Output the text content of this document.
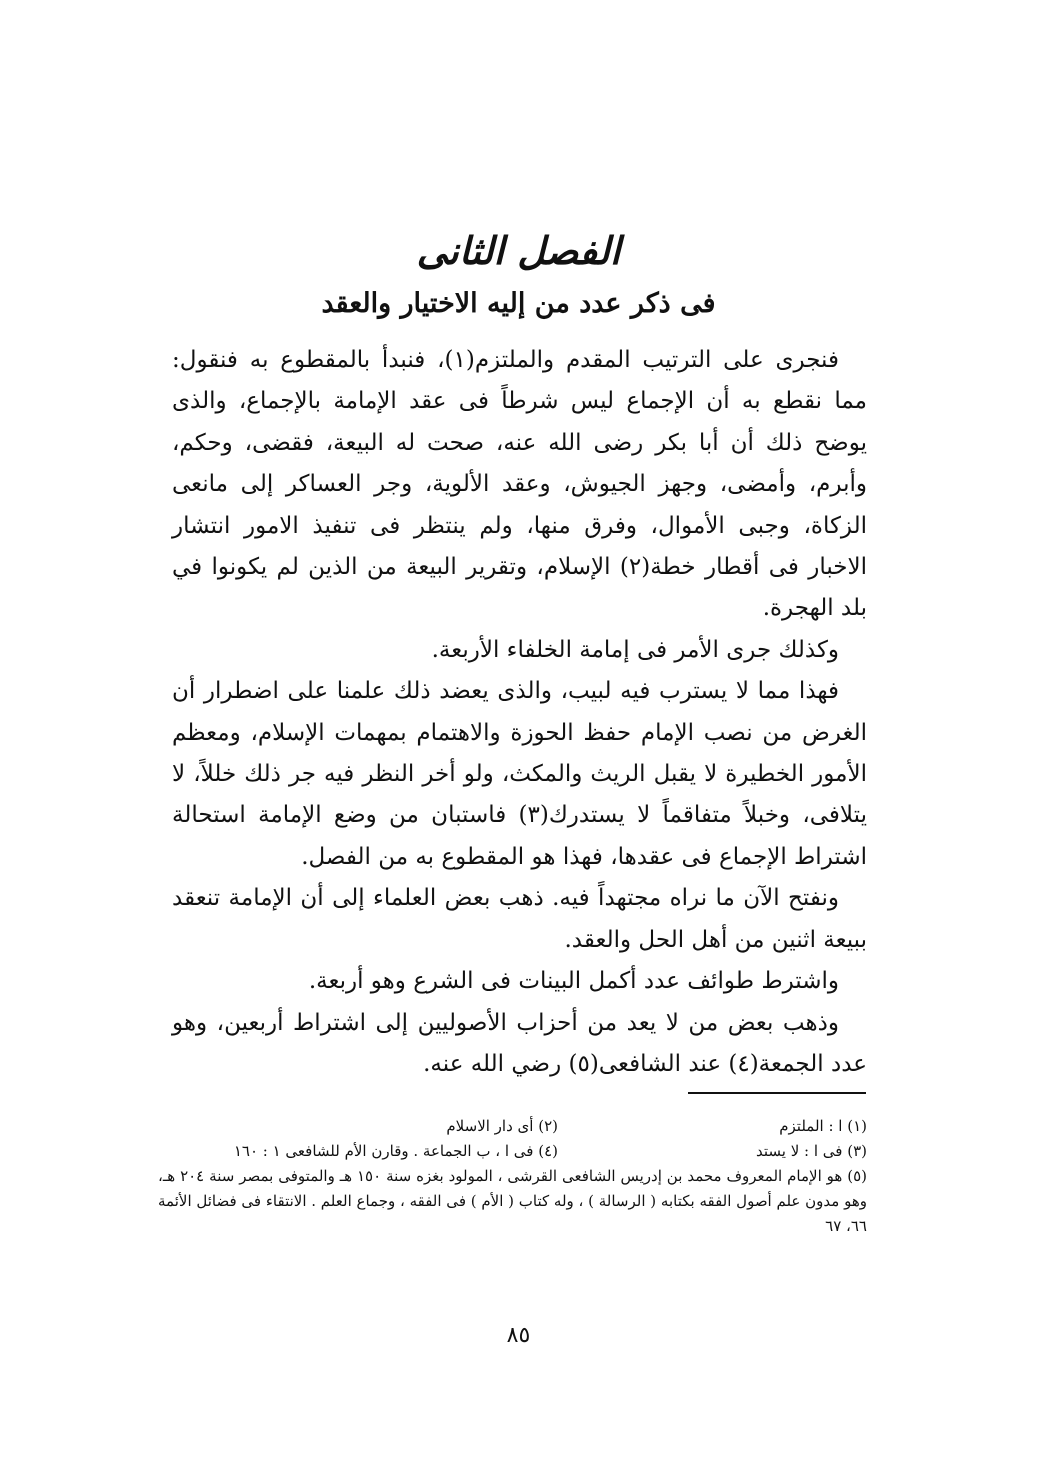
الفصل الثانى
فى ذكر عدد من إليه الاختيار والعقد

فنجرى على الترتيب المقدم والملتزم(١)، فنبدأ بالمقطوع به فنقول: مما نقطع به أن الإجماع ليس شرطاً فى عقد الإمامة بالإجماع، والذى يوضح ذلك أن أبا بكر رضى الله عنه، صحت له البيعة، فقضى، وحكم، وأبرم، وأمضى، وجهز الجيوش، وعقد الألوية، وجر العساكر إلى مانعى الزكاة، وجبى الأموال، وفرق منها، ولم ينتظر فى تنفيذ الامور انتشار الاخبار فى أقطار خطة(٢) الإسلام، وتقرير البيعة من الذين لم يكونوا في بلد الهجرة.

وكذلك جرى الأمر فى إمامة الخلفاء الأربعة.

فهذا مما لا يسترب فيه لبيب، والذى يعضد ذلك علمنا على اضطرار أن الغرض من نصب الإمام حفظ الحوزة والاهتمام بمهمات الإسلام، ومعظم الأمور الخطيرة لا يقبل الريث والمكث، ولو أخر النظر فيه جر ذلك خللاً، لا يتلافى، وخبلاً متفاقماً لا يستدرك(٣) فاستبان من وضع الإمامة استحالة اشتراط الإجماع فى عقدها، فهذا هو المقطوع به من الفصل.

ونفتح الآن ما نراه مجتهداً فيه. ذهب بعض العلماء إلى أن الإمامة تنعقد ببيعة اثنين من أهل الحل والعقد.

واشترط طوائف عدد أكمل البينات فى الشرع وهو أربعة.

وذهب بعض من لا يعد من أحزاب الأصوليين إلى اشتراط أربعين، وهو عدد الجمعة(٤) عند الشافعى(٥) رضي الله عنه.

(١) ا : الملتزم
(٢) أى دار الاسلام
(٣) فى ا : لا يستد
(٤) فى ا ، ب الجماعة . وقارن الأم للشافعى ١ : ١٦٠
(٥) هو الإمام المعروف محمد بن إدريس الشافعى القرشى ، المولود بغزه سنة ١٥٠ هـ والمتوفى بمصر سنة ٢٠٤ هـ، وهو مدون علم أصول الفقه بكتابه ( الرسالة ) ، وله كتاب ( الأم ) فى الفقه ، وجماع العلم . الانتقاء فى فضائل الأئمة ٦٦، ٦٧
٨٥
